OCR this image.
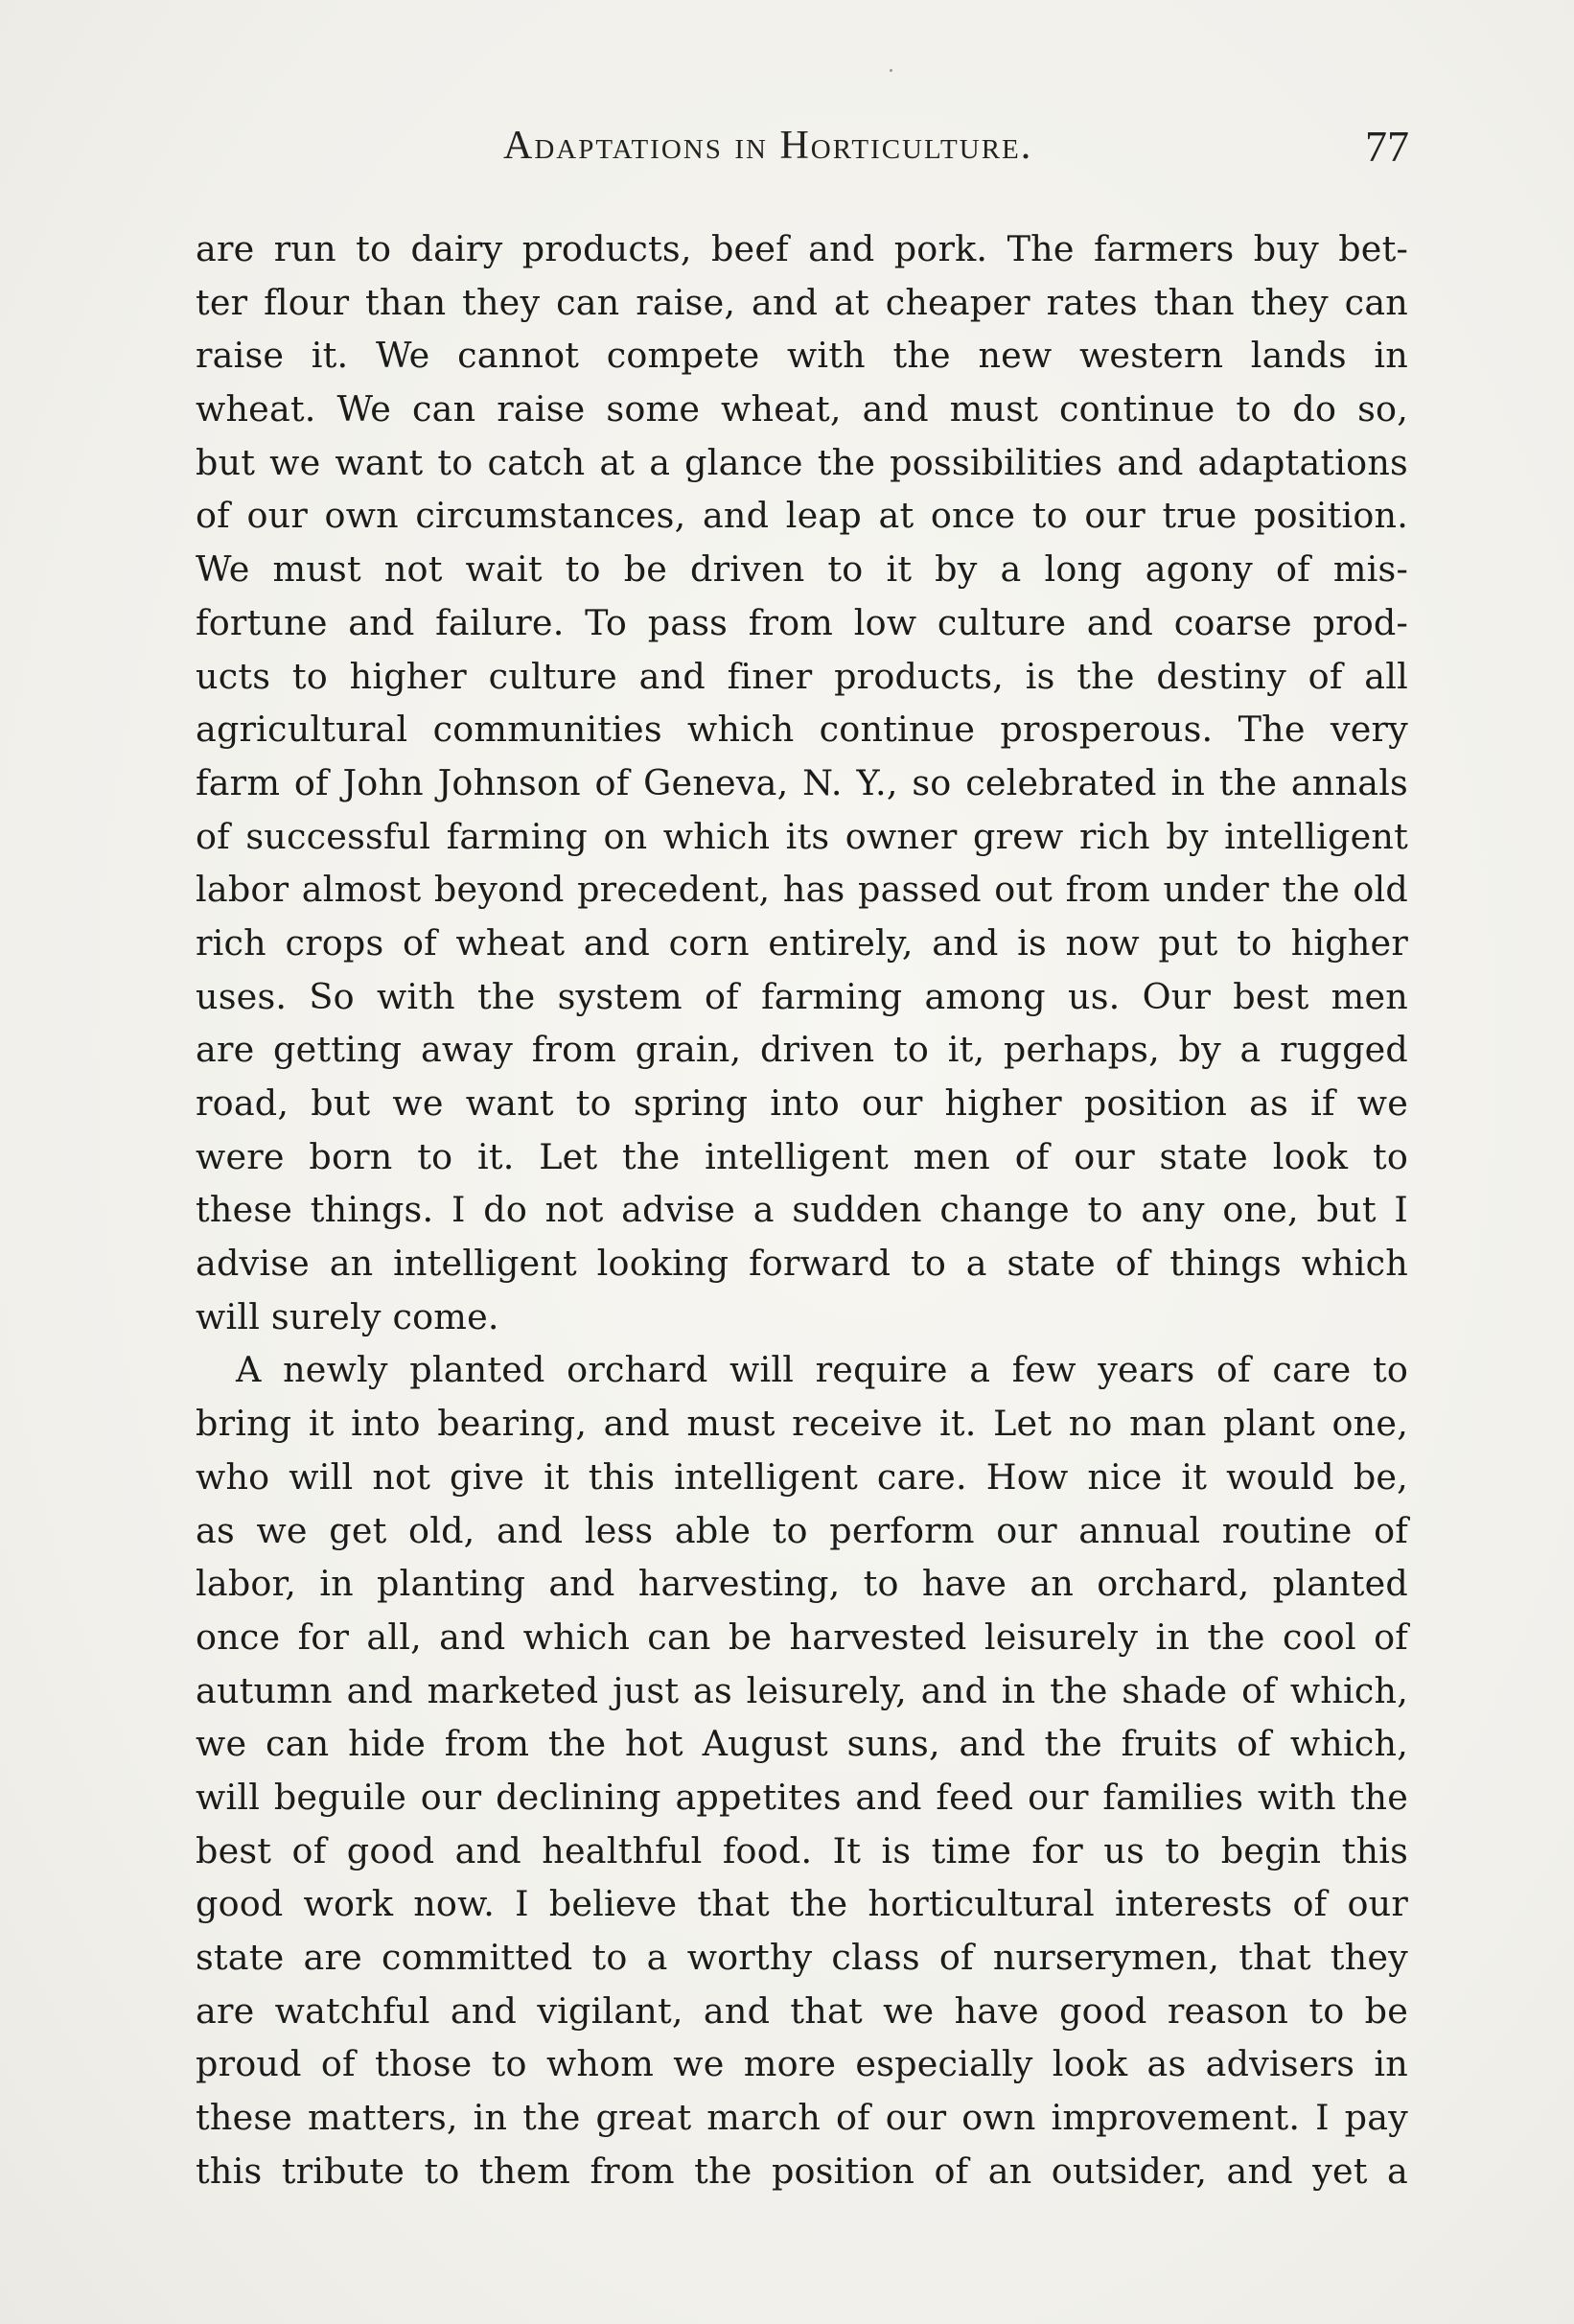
Adaptations in Horticulture.	77
are run to dairy products, beef and pork. The farmers buy bet-
ter flour than they can raise, and at cheaper rates than they can
raise it. We cannot compete with the new western lands in
wheat. We can raise some wheat, and must continue to do so,
but we want to catch at a glance the possibilities and adaptations
of our own circumstances, and leap at once to our true position.
We must not wait to be driven to it by a long agony of mis-
fortune and failure. To pass from low culture and coarse prod-
ucts to higher culture and finer products, is the destiny of all
agricultural communities which continue prosperous. The very
farm of John Johnson of Geneva, N. Y., so celebrated in the annals
of successful farming on which its owner grew rich by intelligent
labor almost beyond precedent, has passed out from under the old
rich crops of wheat and corn entirely, and is now put to higher
uses. So with the system of farming among us. Our best men
are getting away from grain, driven to it, perhaps, by a rugged
road, but we want to spring into our higher position as if we
were born to it. Let the intelligent men of our state look to
these things. I do not advise a sudden change to any one, but I
advise an intelligent looking forward to a state of things which
will surely come.
A newly planted orchard will require a few years of care to
bring it into bearing, and must receive it. Let no man plant one,
who will not give it this intelligent care. How nice it would be,
as we get old, and less able to perform our annual routine of
labor, in planting and harvesting, to have an orchard, planted
once for all, and which can be harvested leisurely in the cool of
autumn and marketed just as leisurely, and in the shade of which,
we can hide from the hot August suns, and the fruits of which,
will beguile our declining appetites and feed our families with the
best of good and healthful food. It is time for us to begin this
good work now. I believe that the horticultural interests of our
state are committed to a worthy class of nurserymen, that they
are watchful and vigilant, and that we have good reason to be
proud of those to whom we more especially look as advisers in
these matters, in the great march of our own improvement. I pay
this tribute to them from the position of an outsider, and yet a
